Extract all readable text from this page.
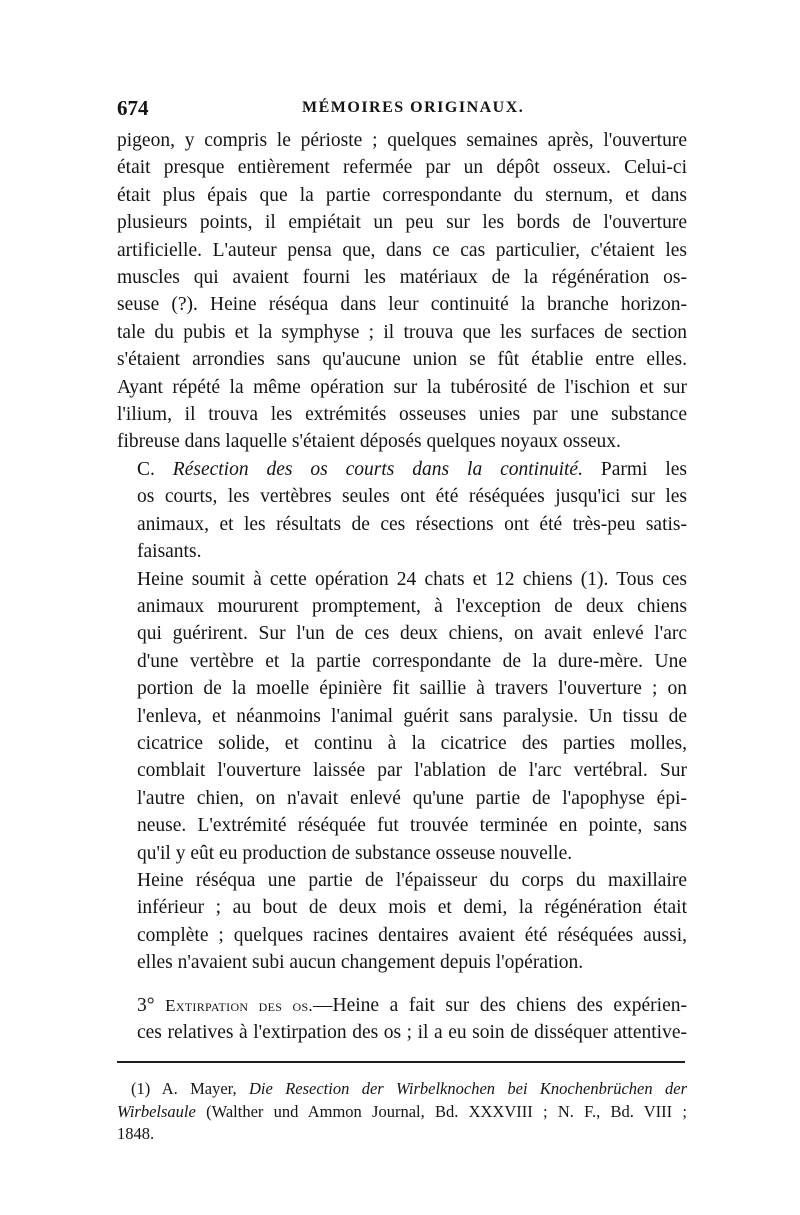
674	MÉMOIRES ORIGINAUX.

pigeon, y compris le périoste ; quelques semaines après, l'ouverture
était presque entièrement refermée par un dépôt osseux. Celui-ci
était plus épais que la partie correspondante du sternum, et dans
plusieurs points, il empiétait un peu sur les bords de l'ouverture
artificielle. L'auteur pensa que, dans ce cas particulier, c'étaient les
muscles qui avaient fourni les matériaux de la régénération os-
seuse (?). Heine réséqua dans leur continuité la branche horizon-
tale du pubis et la symphyse ; il trouva que les surfaces de section
s'étaient arrondies sans qu'aucune union se fût établie entre elles.
Ayant répété la même opération sur la tubérosité de l'ischion et sur
l'ilium, il trouva les extrémités osseuses unies par une substance
fibreuse dans laquelle s'étaient déposés quelques noyaux osseux.

C. Résection des os courts dans la continuité. Parmi les
os courts, les vertèbres seules ont été réséquées jusqu'ici sur les
animaux, et les résultats de ces résections ont été très-peu satis-
faisants.

Heine soumit à cette opération 24 chats et 12 chiens (1). Tous ces
animaux moururent promptement, à l'exception de deux chiens
qui guérirent. Sur l'un de ces deux chiens, on avait enlevé l'arc
d'une vertèbre et la partie correspondante de la dure-mère. Une
portion de la moelle épinière fit saillie à travers l'ouverture ; on
l'enleva, et néanmoins l'animal guérit sans paralysie. Un tissu de
cicatrice solide, et continu à la cicatrice des parties molles,
comblait l'ouverture laissée par l'ablation de l'arc vertébral. Sur
l'autre chien, on n'avait enlevé qu'une partie de l'apophyse épi-
neuse. L'extrémité réséquée fut trouvée terminée en pointe, sans
qu'il y eût eu production de substance osseuse nouvelle.

Heine réséqua une partie de l'épaisseur du corps du maxillaire
inférieur ; au bout de deux mois et demi, la régénération était
complète ; quelques racines dentaires avaient été réséquées aussi,
elles n'avaient subi aucun changement depuis l'opération.

3° Extirpation des os.—Heine a fait sur des chiens des expérien-
ces relatives à l'extirpation des os ; il a eu soin de disséquer attentive-

(1) A. Mayer, Die Resection der Wirbelknochen bei Knochenbrüchen der
Wirbelsaule (Walther und Ammon Journal, Bd. XXXVIII ; N. F., Bd. VIII ;
1848.
